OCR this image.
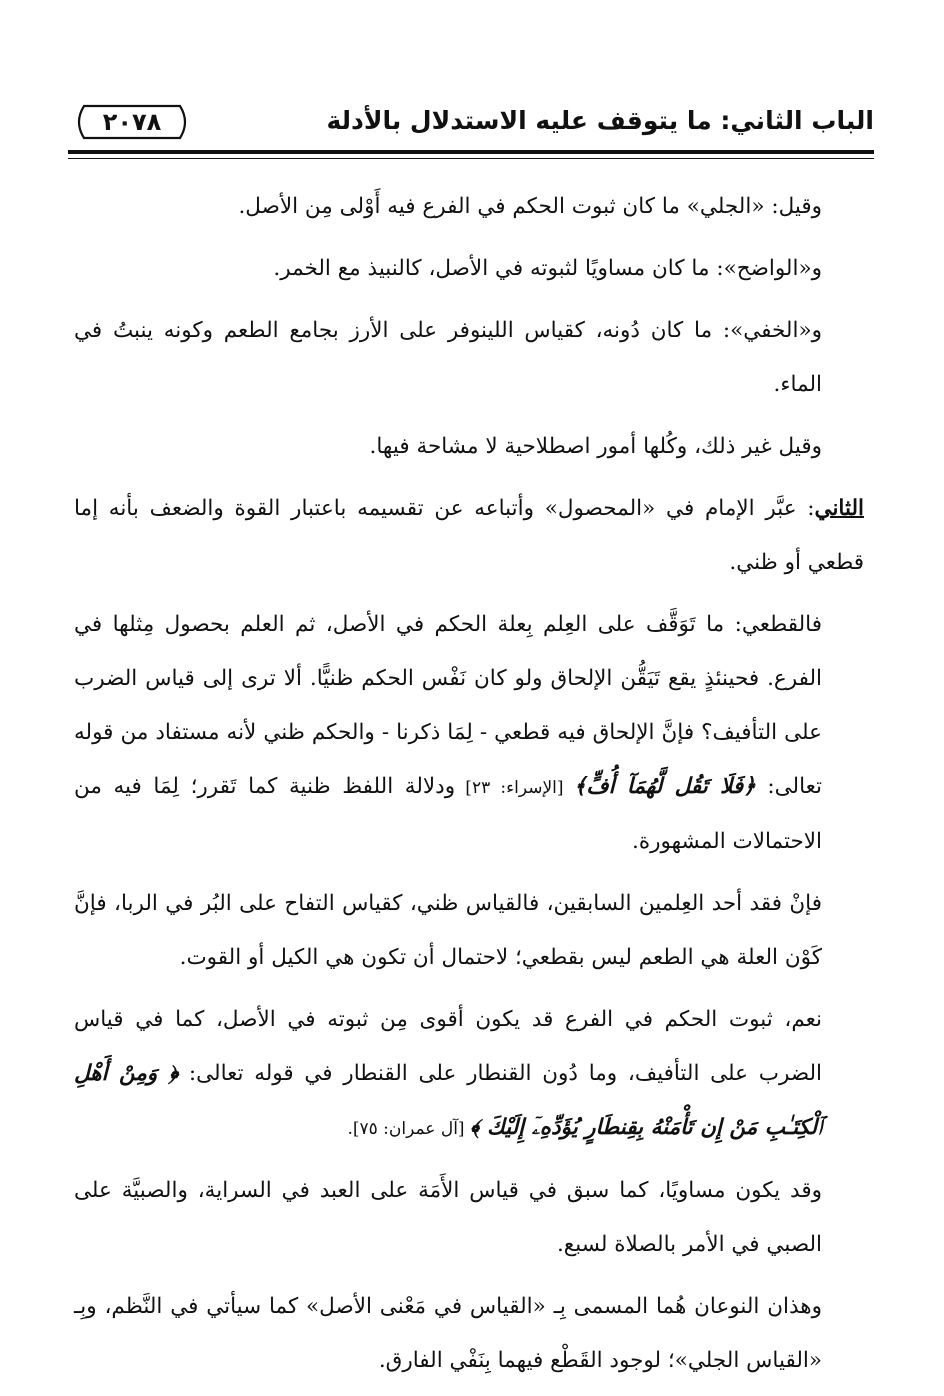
الباب الثاني: ما يتوقف عليه الاستدلال بالأدلة
٢٠٧٨

وقيل: «الجلي» ما كان ثبوت الحكم في الفرع فيه أَوْلى مِن الأصل.

و«الواضح»: ما كان مساويًا لثبوته في الأصل، كالنبيذ مع الخمر.

و«الخفي»: ما كان دُونه، كقياس اللينوفر على الأرز بجامع الطعم وكونه ينبتُ في الماء.

وقيل غير ذلك، وكُلها أمور اصطلاحية لا مشاحة فيها.

الثاني: عبَّر الإمام في «المحصول» وأتباعه عن تقسيمه باعتبار القوة والضعف بأنه إما قطعي أو ظني.

فالقطعي: ما تَوَقَّف على العِلم بِعلة الحكم في الأصل، ثم العلم بحصول مِثلها في الفرع. فحينئذٍ يقع تَيَقُّن الإلحاق ولو كان نَفْس الحكم ظنيًّا. ألا ترى إلى قياس الضرب على التأفيف؟ فإنَّ الإلحاق فيه قطعي - لِمَا ذكرنا - والحكم ظني لأنه مستفاد من قوله تعالى: ﴿فَلَا تَقُل لَّهُمَآ أُفٍّ﴾ [الإسراء: ٢٣] ودلالة اللفظ ظنية كما تَقرر؛ لِمَا فيه من الاحتمالات المشهورة.

فإنْ فقد أحد العِلمين السابقين، فالقياس ظني، كقياس التفاح على البُر في الربا، فإنَّ كَوْن العلة هي الطعم ليس بقطعي؛ لاحتمال أن تكون هي الكيل أو القوت.

نعم، ثبوت الحكم في الفرع قد يكون أقوى مِن ثبوته في الأصل، كما في قياس الضرب على التأفيف، وما دُون القنطار على القنطار في قوله تعالى: ﴿ وَمِنْ أَهْلِ ٱلْكِتَـٰبِ مَنْ إِن تَأْمَنْهُ بِقِنطَارٍ يُؤَدِّهِۦٓ إِلَيْكَ ﴾ [آل عمران: ٧٥].

وقد يكون مساويًا، كما سبق في قياس الأَمَة على العبد في السراية، والصبيَّة على الصبي في الأمر بالصلاة لسبع.

وهذان النوعان هُما المسمى بِـ «القياس في مَعْنى الأصل» كما سيأتي في النَّظم، وبِـ «القياس الجلي»؛ لوجود القَطْع فيهما بِنَفْي الفارق.
